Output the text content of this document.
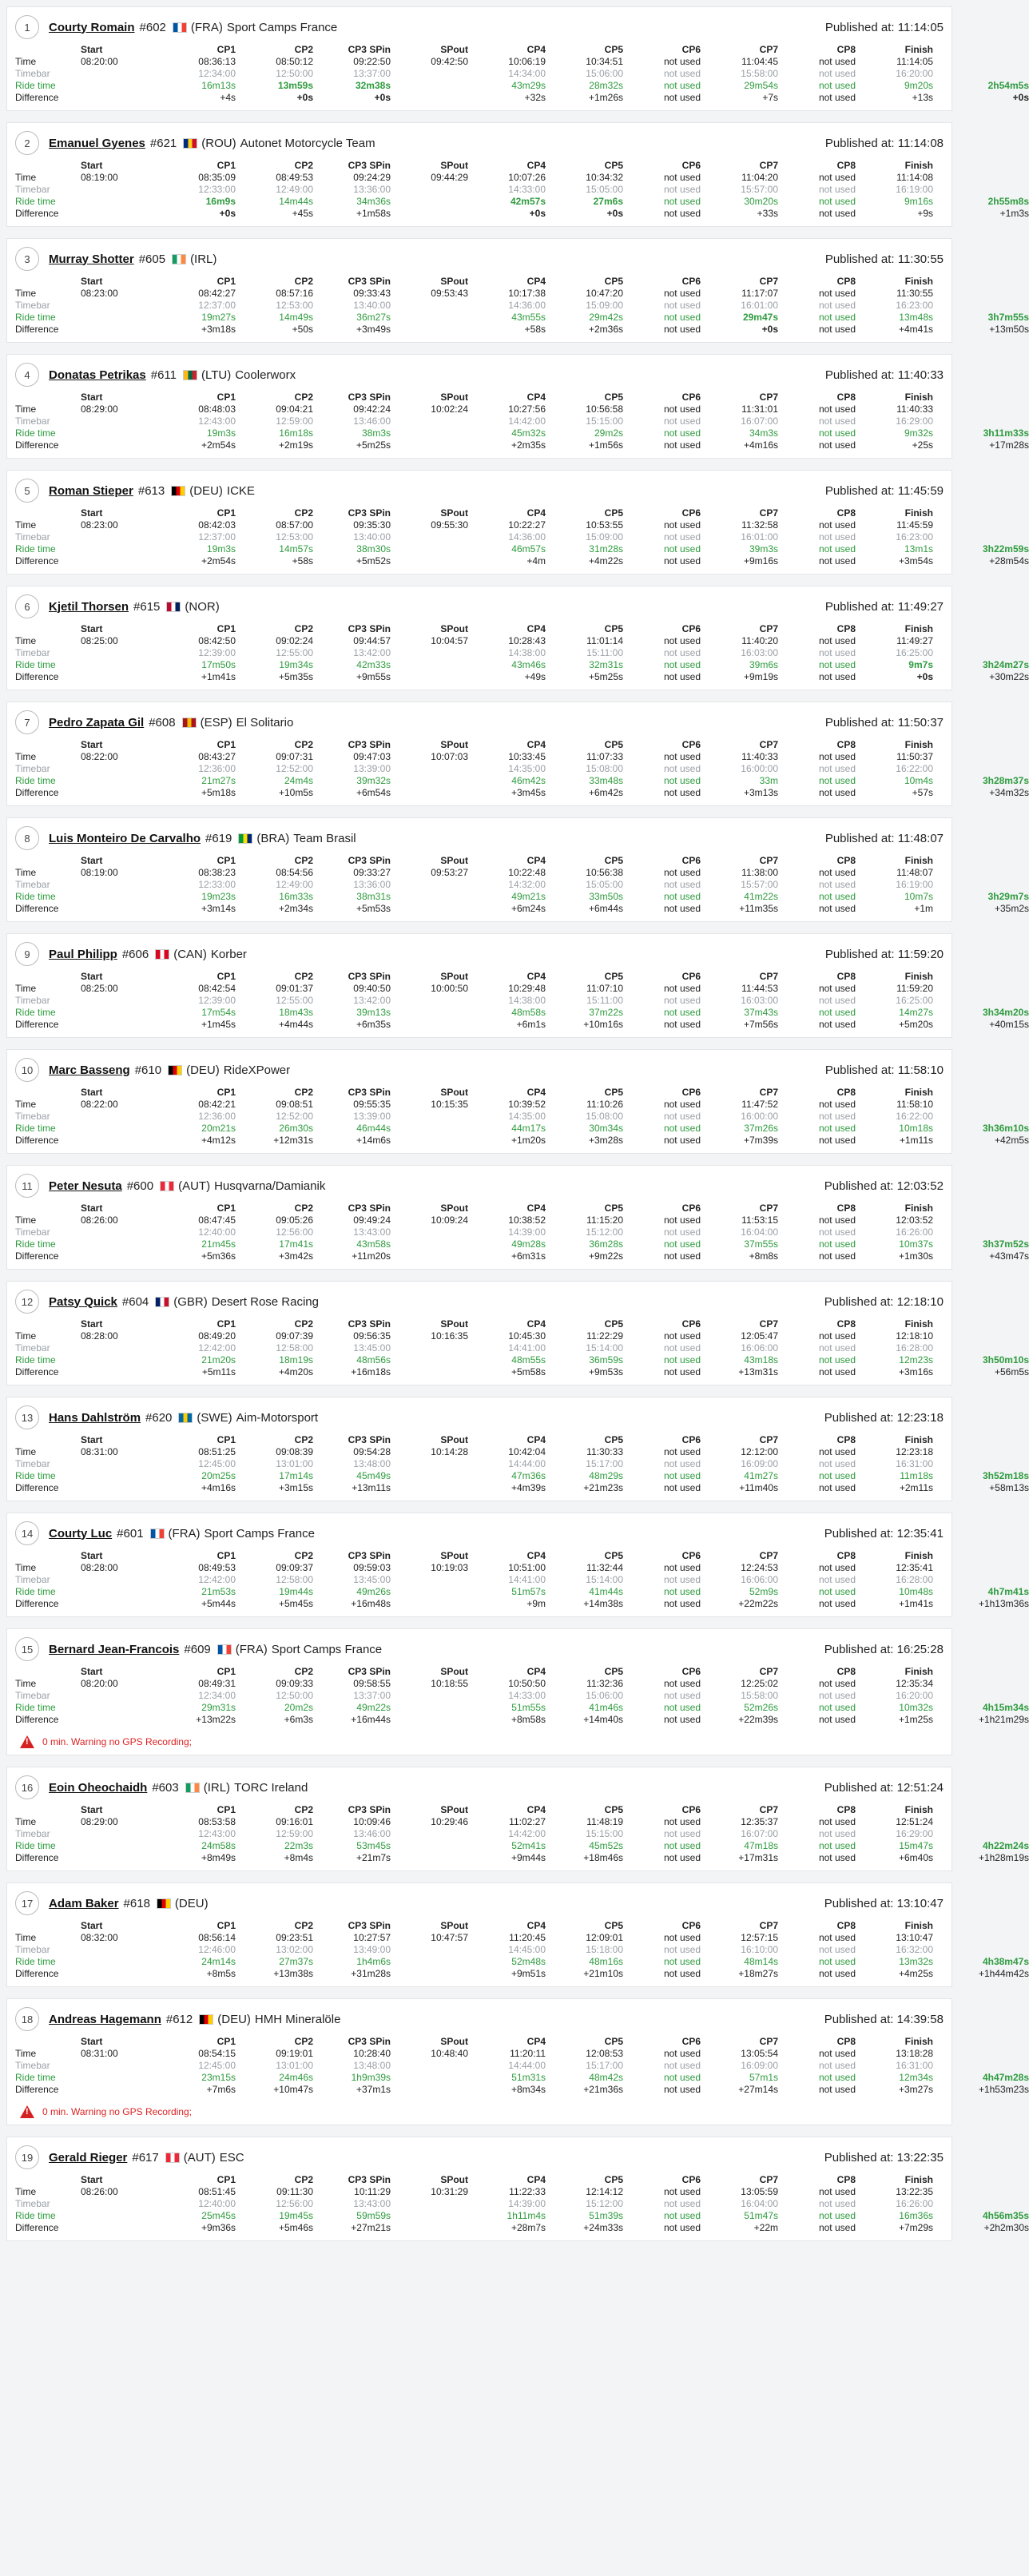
1	Courty Romain #602 (FRA) Sport Camps France	Published at: 11:14:05
	Start	CP1	CP2	CP3 SPin	SPout	CP4	CP5	CP6	CP7	CP8	Finish	
Time	08:20:00	08:36:13	08:50:12	09:22:50	09:42:50	10:06:19	10:34:51	not used	11:04:45	not used	11:14:05	
Timebar		12:34:00	12:50:00	13:37:00		14:34:00	15:06:00	not used	15:58:00	not used	16:20:00	
Ride time		16m13s	13m59s	32m38s		43m29s	28m32s	not used	29m54s	not used	9m20s	2h54m5s
Difference		+4s	+0s	+0s		+32s	+1m26s	not used	+7s	not used	+13s	+0s
2	Emanuel Gyenes #621 (ROU) Autonet Motorcycle Team	Published at: 11:14:08
	Start	CP1	CP2	CP3 SPin	SPout	CP4	CP5	CP6	CP7	CP8	Finish	
Time	08:19:00	08:35:09	08:49:53	09:24:29	09:44:29	10:07:26	10:34:32	not used	11:04:20	not used	11:14:08	
Timebar		12:33:00	12:49:00	13:36:00		14:33:00	15:05:00	not used	15:57:00	not used	16:19:00	
Ride time		16m9s	14m44s	34m36s		42m57s	27m6s	not used	30m20s	not used	9m16s	2h55m8s
Difference		+0s	+45s	+1m58s		+0s	+0s	not used	+33s	not used	+9s	+1m3s
3	Murray Shotter #605 (IRL)	Published at: 11:30:55
	Start	CP1	CP2	CP3 SPin	SPout	CP4	CP5	CP6	CP7	CP8	Finish	
Time	08:23:00	08:42:27	08:57:16	09:33:43	09:53:43	10:17:38	10:47:20	not used	11:17:07	not used	11:30:55	
Timebar		12:37:00	12:53:00	13:40:00		14:36:00	15:09:00	not used	16:01:00	not used	16:23:00	
Ride time		19m27s	14m49s	36m27s		43m55s	29m42s	not used	29m47s	not used	13m48s	3h7m55s
Difference		+3m18s	+50s	+3m49s		+58s	+2m36s	not used	+0s	not used	+4m41s	+13m50s
4	Donatas Petrikas #611 (LTU) Coolerworx	Published at: 11:40:33
	Start	CP1	CP2	CP3 SPin	SPout	CP4	CP5	CP6	CP7	CP8	Finish	
Time	08:29:00	08:48:03	09:04:21	09:42:24	10:02:24	10:27:56	10:56:58	not used	11:31:01	not used	11:40:33	
Timebar		12:43:00	12:59:00	13:46:00		14:42:00	15:15:00	not used	16:07:00	not used	16:29:00	
Ride time		19m3s	16m18s	38m3s		45m32s	29m2s	not used	34m3s	not used	9m32s	3h11m33s
Difference		+2m54s	+2m19s	+5m25s		+2m35s	+1m56s	not used	+4m16s	not used	+25s	+17m28s
5	Roman Stieper #613 (DEU) ICKE	Published at: 11:45:59
	Start	CP1	CP2	CP3 SPin	SPout	CP4	CP5	CP6	CP7	CP8	Finish	
Time	08:23:00	08:42:03	08:57:00	09:35:30	09:55:30	10:22:27	10:53:55	not used	11:32:58	not used	11:45:59	
Timebar		12:37:00	12:53:00	13:40:00		14:36:00	15:09:00	not used	16:01:00	not used	16:23:00	
Ride time		19m3s	14m57s	38m30s		46m57s	31m28s	not used	39m3s	not used	13m1s	3h22m59s
Difference		+2m54s	+58s	+5m52s		+4m	+4m22s	not used	+9m16s	not used	+3m54s	+28m54s
6	Kjetil Thorsen #615 (NOR)	Published at: 11:49:27
	Start	CP1	CP2	CP3 SPin	SPout	CP4	CP5	CP6	CP7	CP8	Finish	
Time	08:25:00	08:42:50	09:02:24	09:44:57	10:04:57	10:28:43	11:01:14	not used	11:40:20	not used	11:49:27	
Timebar		12:39:00	12:55:00	13:42:00		14:38:00	15:11:00	not used	16:03:00	not used	16:25:00	
Ride time		17m50s	19m34s	42m33s		43m46s	32m31s	not used	39m6s	not used	9m7s	3h24m27s
Difference		+1m41s	+5m35s	+9m55s		+49s	+5m25s	not used	+9m19s	not used	+0s	+30m22s
7	Pedro Zapata Gil #608 (ESP) El Solitario	Published at: 11:50:37
	Start	CP1	CP2	CP3 SPin	SPout	CP4	CP5	CP6	CP7	CP8	Finish	
Time	08:22:00	08:43:27	09:07:31	09:47:03	10:07:03	10:33:45	11:07:33	not used	11:40:33	not used	11:50:37	
Timebar		12:36:00	12:52:00	13:39:00		14:35:00	15:08:00	not used	16:00:00	not used	16:22:00	
Ride time		21m27s	24m4s	39m32s		46m42s	33m48s	not used	33m	not used	10m4s	3h28m37s
Difference		+5m18s	+10m5s	+6m54s		+3m45s	+6m42s	not used	+3m13s	not used	+57s	+34m32s
8	Luis Monteiro De Carvalho #619 (BRA) Team Brasil	Published at: 11:48:07
	Start	CP1	CP2	CP3 SPin	SPout	CP4	CP5	CP6	CP7	CP8	Finish	
Time	08:19:00	08:38:23	08:54:56	09:33:27	09:53:27	10:22:48	10:56:38	not used	11:38:00	not used	11:48:07	
Timebar		12:33:00	12:49:00	13:36:00		14:32:00	15:05:00	not used	15:57:00	not used	16:19:00	
Ride time		19m23s	16m33s	38m31s		49m21s	33m50s	not used	41m22s	not used	10m7s	3h29m7s
Difference		+3m14s	+2m34s	+5m53s		+6m24s	+6m44s	not used	+11m35s	not used	+1m	+35m2s
9	Paul Philipp #606 (CAN) Korber	Published at: 11:59:20
	Start	CP1	CP2	CP3 SPin	SPout	CP4	CP5	CP6	CP7	CP8	Finish	
Time	08:25:00	08:42:54	09:01:37	09:40:50	10:00:50	10:29:48	11:07:10	not used	11:44:53	not used	11:59:20	
Timebar		12:39:00	12:55:00	13:42:00		14:38:00	15:11:00	not used	16:03:00	not used	16:25:00	
Ride time		17m54s	18m43s	39m13s		48m58s	37m22s	not used	37m43s	not used	14m27s	3h34m20s
Difference		+1m45s	+4m44s	+6m35s		+6m1s	+10m16s	not used	+7m56s	not used	+5m20s	+40m15s
10	Marc Basseng #610 (DEU) RideXPower	Published at: 11:58:10
	Start	CP1	CP2	CP3 SPin	SPout	CP4	CP5	CP6	CP7	CP8	Finish	
Time	08:22:00	08:42:21	09:08:51	09:55:35	10:15:35	10:39:52	11:10:26	not used	11:47:52	not used	11:58:10	
Timebar		12:36:00	12:52:00	13:39:00		14:35:00	15:08:00	not used	16:00:00	not used	16:22:00	
Ride time		20m21s	26m30s	46m44s		44m17s	30m34s	not used	37m26s	not used	10m18s	3h36m10s
Difference		+4m12s	+12m31s	+14m6s		+1m20s	+3m28s	not used	+7m39s	not used	+1m11s	+42m5s
11	Peter Nesuta #600 (AUT) Husqvarna/Damianik	Published at: 12:03:52
	Start	CP1	CP2	CP3 SPin	SPout	CP4	CP5	CP6	CP7	CP8	Finish	
Time	08:26:00	08:47:45	09:05:26	09:49:24	10:09:24	10:38:52	11:15:20	not used	11:53:15	not used	12:03:52	
Timebar		12:40:00	12:56:00	13:43:00		14:39:00	15:12:00	not used	16:04:00	not used	16:26:00	
Ride time		21m45s	17m41s	43m58s		49m28s	36m28s	not used	37m55s	not used	10m37s	3h37m52s
Difference		+5m36s	+3m42s	+11m20s		+6m31s	+9m22s	not used	+8m8s	not used	+1m30s	+43m47s
12	Patsy Quick #604 (GBR) Desert Rose Racing	Published at: 12:18:10
	Start	CP1	CP2	CP3 SPin	SPout	CP4	CP5	CP6	CP7	CP8	Finish	
Time	08:28:00	08:49:20	09:07:39	09:56:35	10:16:35	10:45:30	11:22:29	not used	12:05:47	not used	12:18:10	
Timebar		12:42:00	12:58:00	13:45:00		14:41:00	15:14:00	not used	16:06:00	not used	16:28:00	
Ride time		21m20s	18m19s	48m56s		48m55s	36m59s	not used	43m18s	not used	12m23s	3h50m10s
Difference		+5m11s	+4m20s	+16m18s		+5m58s	+9m53s	not used	+13m31s	not used	+3m16s	+56m5s
13	Hans Dahlström #620 (SWE) Aim-Motorsport	Published at: 12:23:18
	Start	CP1	CP2	CP3 SPin	SPout	CP4	CP5	CP6	CP7	CP8	Finish	
Time	08:31:00	08:51:25	09:08:39	09:54:28	10:14:28	10:42:04	11:30:33	not used	12:12:00	not used	12:23:18	
Timebar		12:45:00	13:01:00	13:48:00		14:44:00	15:17:00	not used	16:09:00	not used	16:31:00	
Ride time		20m25s	17m14s	45m49s		47m36s	48m29s	not used	41m27s	not used	11m18s	3h52m18s
Difference		+4m16s	+3m15s	+13m11s		+4m39s	+21m23s	not used	+11m40s	not used	+2m11s	+58m13s
14	Courty Luc #601 (FRA) Sport Camps France	Published at: 12:35:41
	Start	CP1	CP2	CP3 SPin	SPout	CP4	CP5	CP6	CP7	CP8	Finish	
Time	08:28:00	08:49:53	09:09:37	09:59:03	10:19:03	10:51:00	11:32:44	not used	12:24:53	not used	12:35:41	
Timebar		12:42:00	12:58:00	13:45:00		14:41:00	15:14:00	not used	16:06:00	not used	16:28:00	
Ride time		21m53s	19m44s	49m26s		51m57s	41m44s	not used	52m9s	not used	10m48s	4h7m41s
Difference		+5m44s	+5m45s	+16m48s		+9m	+14m38s	not used	+22m22s	not used	+1m41s	+1h13m36s
15	Bernard Jean-Francois #609 (FRA) Sport Camps France	Published at: 16:25:28
	Start	CP1	CP2	CP3 SPin	SPout	CP4	CP5	CP6	CP7	CP8	Finish	
Time	08:20:00	08:49:31	09:09:33	09:58:55	10:18:55	10:50:50	11:32:36	not used	12:25:02	not used	12:35:34	
Timebar		12:34:00	12:50:00	13:37:00		14:33:00	15:06:00	not used	15:58:00	not used	16:20:00	
Ride time		29m31s	20m2s	49m22s		51m55s	41m46s	not used	52m26s	not used	10m32s	4h15m34s
Difference		+13m22s	+6m3s	+16m44s		+8m58s	+14m40s	not used	+22m39s	not used	+1m25s	+1h21m29s
!
0 min. Warning no GPS Recording;
16	Eoin Oheochaidh #603 (IRL) TORC Ireland	Published at: 12:51:24
	Start	CP1	CP2	CP3 SPin	SPout	CP4	CP5	CP6	CP7	CP8	Finish	
Time	08:29:00	08:53:58	09:16:01	10:09:46	10:29:46	11:02:27	11:48:19	not used	12:35:37	not used	12:51:24	
Timebar		12:43:00	12:59:00	13:46:00		14:42:00	15:15:00	not used	16:07:00	not used	16:29:00	
Ride time		24m58s	22m3s	53m45s		52m41s	45m52s	not used	47m18s	not used	15m47s	4h22m24s
Difference		+8m49s	+8m4s	+21m7s		+9m44s	+18m46s	not used	+17m31s	not used	+6m40s	+1h28m19s
17	Adam Baker #618 (DEU)	Published at: 13:10:47
	Start	CP1	CP2	CP3 SPin	SPout	CP4	CP5	CP6	CP7	CP8	Finish	
Time	08:32:00	08:56:14	09:23:51	10:27:57	10:47:57	11:20:45	12:09:01	not used	12:57:15	not used	13:10:47	
Timebar		12:46:00	13:02:00	13:49:00		14:45:00	15:18:00	not used	16:10:00	not used	16:32:00	
Ride time		24m14s	27m37s	1h4m6s		52m48s	48m16s	not used	48m14s	not used	13m32s	4h38m47s
Difference		+8m5s	+13m38s	+31m28s		+9m51s	+21m10s	not used	+18m27s	not used	+4m25s	+1h44m42s
18	Andreas Hagemann #612 (DEU) HMH Mineralöle	Published at: 14:39:58
	Start	CP1	CP2	CP3 SPin	SPout	CP4	CP5	CP6	CP7	CP8	Finish	
Time	08:31:00	08:54:15	09:19:01	10:28:40	10:48:40	11:20:11	12:08:53	not used	13:05:54	not used	13:18:28	
Timebar		12:45:00	13:01:00	13:48:00		14:44:00	15:17:00	not used	16:09:00	not used	16:31:00	
Ride time		23m15s	24m46s	1h9m39s		51m31s	48m42s	not used	57m1s	not used	12m34s	4h47m28s
Difference		+7m6s	+10m47s	+37m1s		+8m34s	+21m36s	not used	+27m14s	not used	+3m27s	+1h53m23s
!
0 min. Warning no GPS Recording;
19	Gerald Rieger #617 (AUT) ESC	Published at: 13:22:35
	Start	CP1	CP2	CP3 SPin	SPout	CP4	CP5	CP6	CP7	CP8	Finish	
Time	08:26:00	08:51:45	09:11:30	10:11:29	10:31:29	11:22:33	12:14:12	not used	13:05:59	not used	13:22:35	
Timebar		12:40:00	12:56:00	13:43:00		14:39:00	15:12:00	not used	16:04:00	not used	16:26:00	
Ride time		25m45s	19m45s	59m59s		1h11m4s	51m39s	not used	51m47s	not used	16m36s	4h56m35s
Difference		+9m36s	+5m46s	+27m21s		+28m7s	+24m33s	not used	+22m	not used	+7m29s	+2h2m30s
